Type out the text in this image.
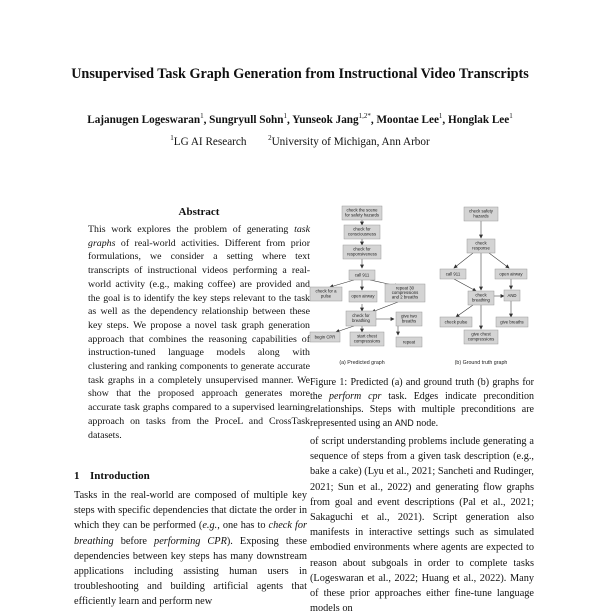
Unsupervised Task Graph Generation from Instructional Video Transcripts
Lajanugen Logeswaran$^1$, Sungryull Sohn$^1$, Yunseok Jang$^{1,2*}$, Moontae Lee$^1$, Honglak Lee$^1$
$^1$LG AI Research	$^2$University of Michigan, Ann Arbor
Abstract
This work explores the problem of generating task graphs of real-world activities. Different from prior formulations, we consider a setting where text transcripts of instructional videos performing a real-world activity (e.g., making coffee) are provided and the goal is to identify the key steps relevant to the task as well as the dependency relationship between these key steps. We propose a novel task graph generation approach that combines the reasoning capabilities of instruction-tuned language models along with clustering and ranking components to generate accurate task graphs in a completely unsupervised manner. We show that the proposed approach generates more accurate task graphs compared to a supervised learning approach on tasks from the ProceL and CrossTask datasets.
1 Introduction
Tasks in the real-world are composed of multiple key steps with specific dependencies that dictate the order in which they can be performed (e.g., one has to check for breathing before performing CPR). Exposing these dependencies between key steps has many downstream applications including assisting human users in troubleshooting and building artificial agents that efficiently learn and perform new
check the scene
for safety hazards
check for
consciousness
check for
responsiveness
call 911
check for a
pulse	open airway
repeat 30
compressions
and 2 breaths
check for
breathing
give two
breaths
begin CPR	start chest
compressions	repeat
check safety
hazards
check
response
call 911	open airway
check
breathing
AND
check pulse	give breaths
give chest
compressions
(a) Predicted graph	(b) Ground truth graph
Figure 1: Predicted (a) and ground truth (b) graphs for the perform cpr task. Edges indicate precondition relationships. Steps with multiple preconditions are represented using an AND node.
of script understanding problems include generating a sequence of steps from a given task description (e.g., bake a cake) (Lyu et al., 2021; Sancheti and Rudinger, 2021; Sun et al., 2022) and generating flow graphs from goal and event descriptions (Pal et al., 2021; Sakaguchi et al., 2021). Script generation also manifests in interactive settings such as simulated embodied environments where agents are expected to reason about subgoals in order to complete tasks (Logeswaran et al., 2022; Huang et al., 2022). Many of these prior approaches either fine-tune language models on
